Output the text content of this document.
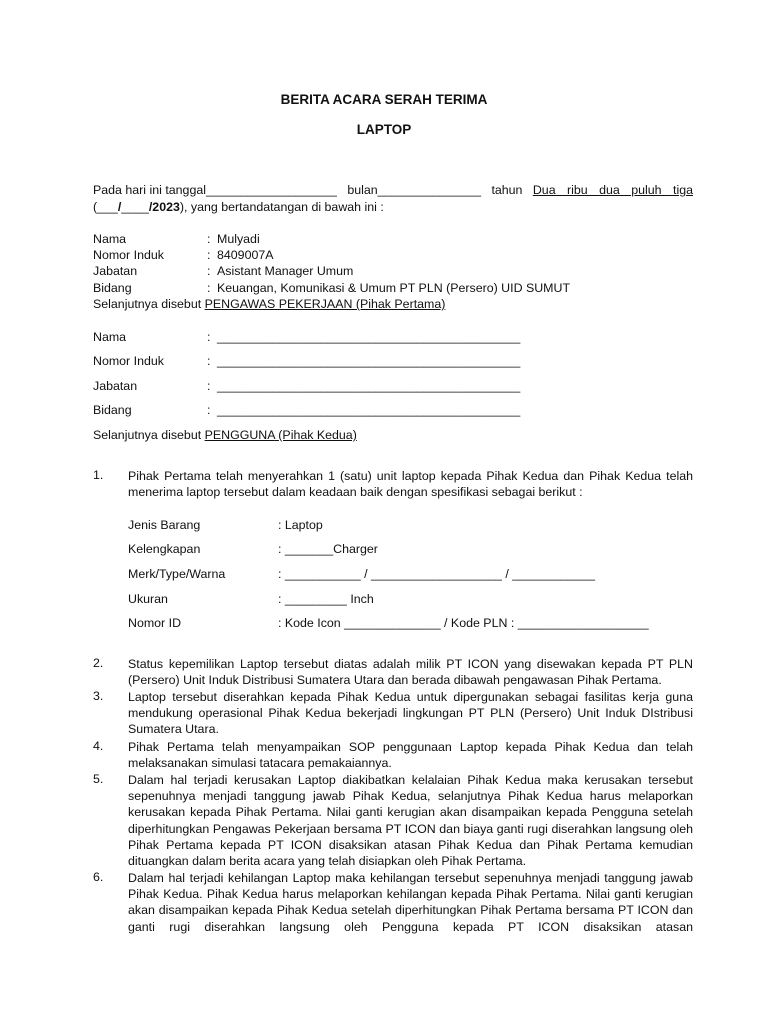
BERITA ACARA SERAH TERIMA
LAPTOP
Pada hari ini tanggal___________________ bulan_______________ tahun Dua ribu dua puluh tiga
(___/____/2023), yang bertandatangan di bawah ini :
Nama	: Mulyadi
Nomor Induk	: 8409007A
Jabatan	: Asistant Manager Umum
Bidang	: Keuangan, Komunikasi & Umum PT PLN (Persero) UID SUMUT
Selanjutnya disebut PENGAWAS PEKERJAAN (Pihak Pertama)
Nama	: ____________________________________________
Nomor Induk	: ____________________________________________
Jabatan	: ____________________________________________
Bidang	: ____________________________________________
Selanjutnya disebut PENGGUNA (Pihak Kedua)
1. Pihak Pertama telah menyerahkan 1 (satu) unit laptop kepada Pihak Kedua dan Pihak Kedua telah menerima laptop tersebut dalam keadaan baik dengan spesifikasi sebagai berikut :
Jenis Barang	: Laptop
Kelengkapan	: _______Charger
Merk/Type/Warna	: ___________ / ___________________ / ____________
Ukuran	: _________ Inch
Nomor ID	: Kode Icon ______________ / Kode PLN : ___________________
2. Status kepemilikan Laptop tersebut diatas adalah milik PT ICON yang disewakan kepada PT PLN (Persero) Unit Induk Distribusi Sumatera Utara dan berada dibawah pengawasan Pihak Pertama.
3. Laptop tersebut diserahkan kepada Pihak Kedua untuk dipergunakan sebagai fasilitas kerja guna mendukung operasional Pihak Kedua bekerjadi lingkungan PT PLN (Persero) Unit Induk DIstribusi Sumatera Utara.
4. Pihak Pertama telah menyampaikan SOP penggunaan Laptop kepada Pihak Kedua dan telah melaksanakan simulasi tatacara pemakaiannya.
5. Dalam hal terjadi kerusakan Laptop diakibatkan kelalaian Pihak Kedua maka kerusakan tersebut sepenuhnya menjadi tanggung jawab Pihak Kedua, selanjutnya Pihak Kedua harus melaporkan kerusakan kepada Pihak Pertama. Nilai ganti kerugian akan disampaikan kepada Pengguna setelah diperhitungkan Pengawas Pekerjaan bersama PT ICON dan biaya ganti rugi diserahkan langsung oleh Pihak Pertama kepada PT ICON disaksikan atasan Pihak Kedua dan Pihak Pertama kemudian dituangkan dalam berita acara yang telah disiapkan oleh Pihak Pertama.
6. Dalam hal terjadi kehilangan Laptop maka kehilangan tersebut sepenuhnya menjadi tanggung jawab Pihak Kedua. Pihak Kedua harus melaporkan kehilangan kepada Pihak Pertama. Nilai ganti kerugian akan disampaikan kepada Pihak Kedua setelah diperhitungkan Pihak Pertama bersama PT ICON dan ganti rugi diserahkan langsung oleh Pengguna kepada PT ICON disaksikan atasan
